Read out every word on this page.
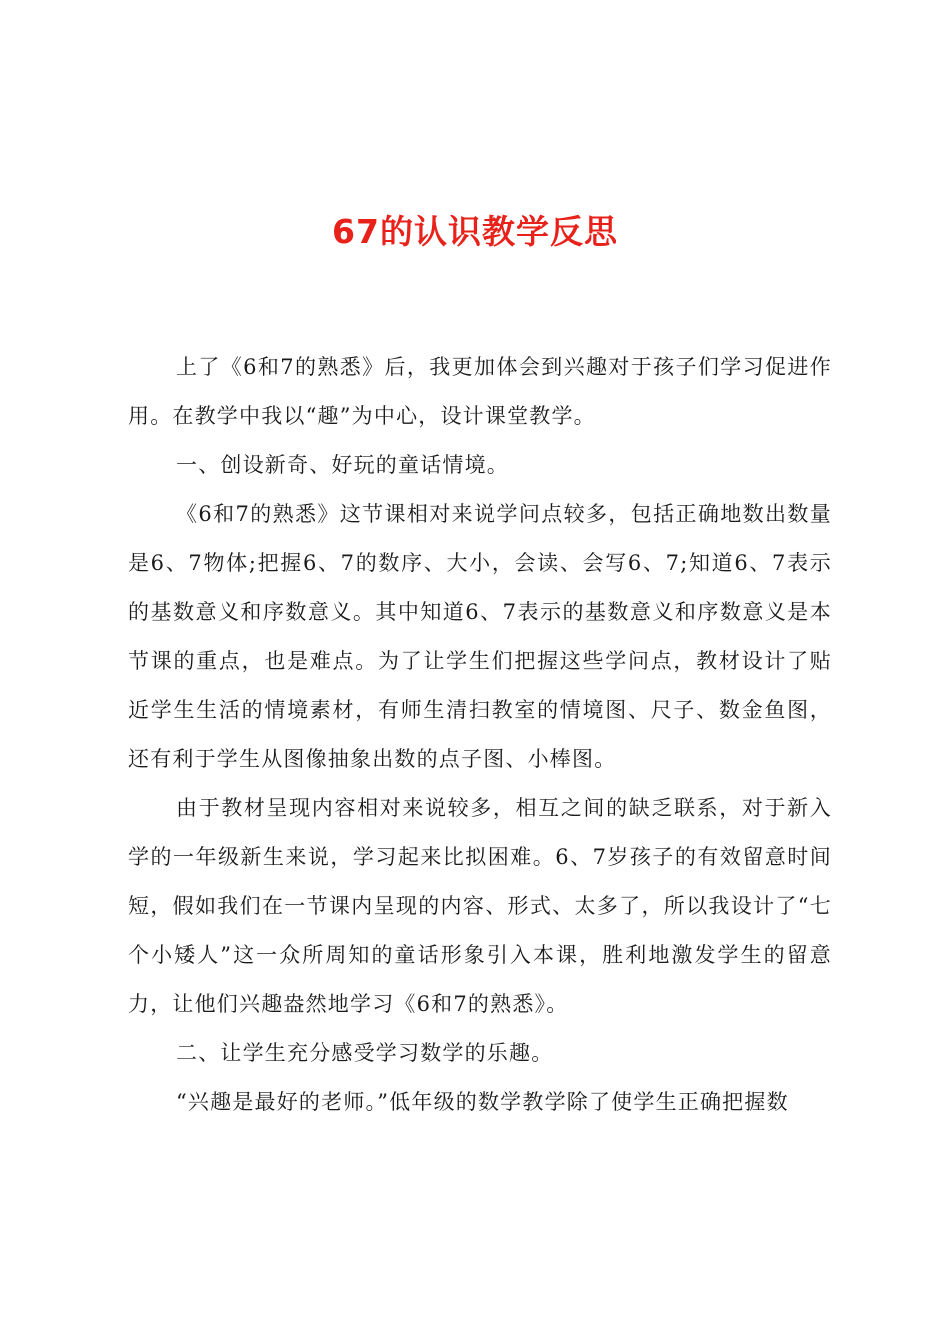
67的认识教学反思

上了《6和7的熟悉》后，我更加体会到兴趣对于孩子们学习促进作用。在教学中我以“趣”为中心，设计课堂教学。

一、创设新奇、好玩的童话情境。

《6和7的熟悉》这节课相对来说学问点较多，包括正确地数出数量是6、7物体;把握6、7的数序、大小，会读、会写6、7;知道6、7表示的基数意义和序数意义。其中知道6、7表示的基数意义和序数意义是本节课的重点，也是难点。为了让学生们把握这些学问点，教材设计了贴近学生生活的情境素材，有师生清扫教室的情境图、尺子、数金鱼图，还有利于学生从图像抽象出数的点子图、小棒图。

由于教材呈现内容相对来说较多，相互之间的缺乏联系，对于新入学的一年级新生来说，学习起来比拟困难。6、7岁孩子的有效留意时间短，假如我们在一节课内呈现的内容、形式、太多了，所以我设计了“七个小矮人”这一众所周知的童话形象引入本课，胜利地激发学生的留意力，让他们兴趣盎然地学习《6和7的熟悉》。

二、让学生充分感受学习数学的乐趣。

“兴趣是最好的老师。”低年级的数学教学除了使学生正确把握数
